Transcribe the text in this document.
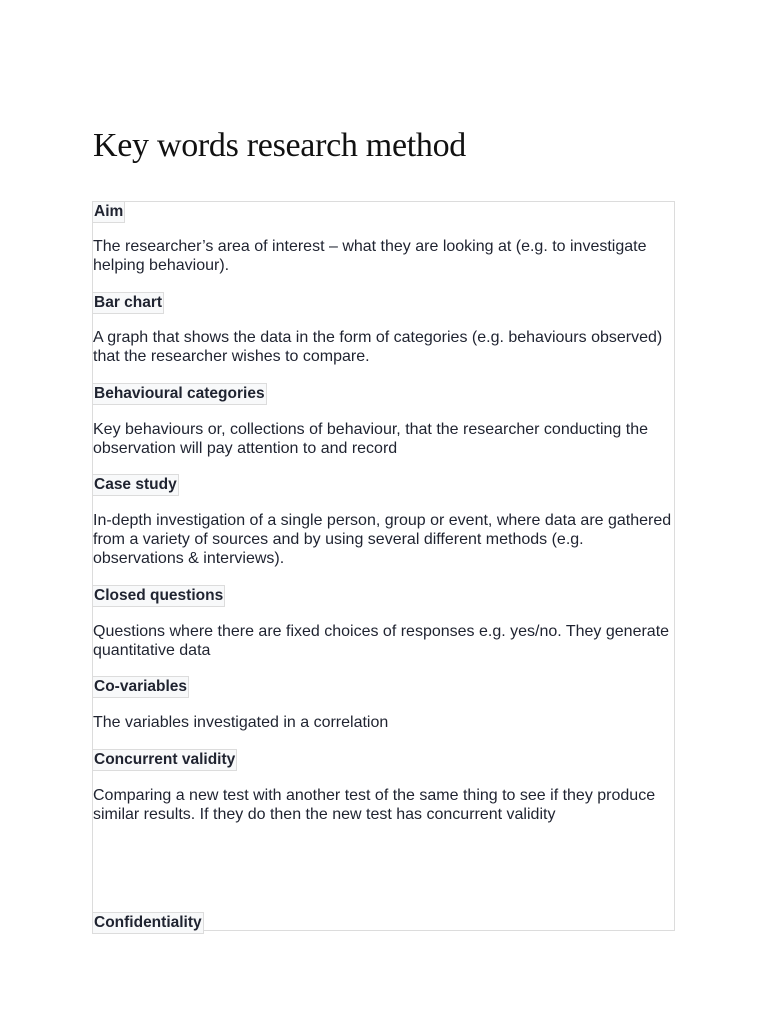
Key words research method
Aim

The researcher’s area of interest – what they are looking at (e.g. to investigate helping behaviour).

Bar chart

A graph that shows the data in the form of categories (e.g. behaviours observed) that the researcher wishes to compare.

Behavioural categories

Key behaviours or, collections of behaviour, that the researcher conducting the observation will pay attention to and record

Case study

In-depth investigation of a single person, group or event, where data are gathered from a variety of sources and by using several different methods (e.g. observations & interviews).

Closed questions

Questions where there are fixed choices of responses e.g. yes/no. They generate quantitative data

Co-variables

The variables investigated in a correlation

Concurrent validity

Comparing a new test with another test of the same thing to see if they produce similar results. If they do then the new test has concurrent validity

Confidentiality
